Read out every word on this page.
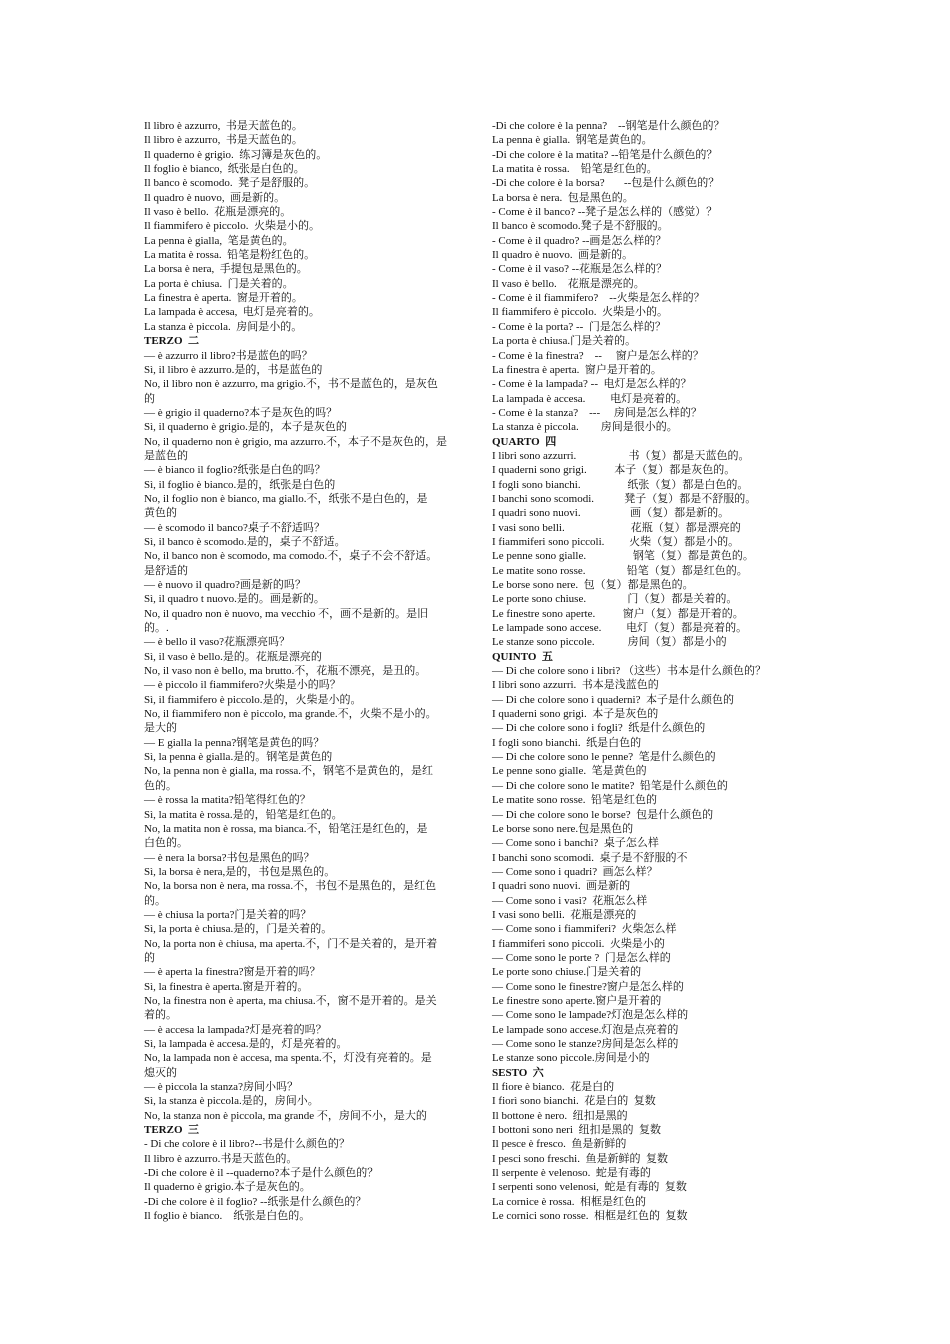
Il libro è azzurro,  书是天蓝色的。
Il libro è azzurro,  书是天蓝色的。
Il quaderno è grigio.  练习簿是灰色的。
Il foglio è bianco,  纸张是白色的。
Il banco è scomodo.  凳子是舒服的。
Il quadro è nuovo,  画是新的。
Il vaso è bello.  花瓶是漂亮的。
Il fiammifero è piccolo.  火柴是小的。
La penna è gialla,  笔是黄色的。
La matita è rossa.  铅笔是粉红色的。
La borsa è nera,  手提包是黑色的。
La porta è chiusa.  门是关着的。
La finestra è aperta.  窗是开着的。
La lampada è accesa,  电灯是亮着的。
La stanza è piccola.  房间是小的。
TERZO  二
— è azzurro il libro?书是蓝色的吗？
Sì, il libro è azzurro.是的，书是蓝色的
No, il libro non è azzurro, ma grigio.不，书不是蓝色的，是灰色
的
— è grigio il quaderno?本子是灰色的吗？
Sì, il quaderno è grigio.是的，本子是灰色的
No, il quaderno non è grigio, ma azzurro.不，本子不是灰色的，是
是蓝色的
— è bianco il foglio?纸张是白色的吗？
Sì, il foglio è bianco.是的，纸张是白色的
No, il foglio non è bianco, ma giallo.不，纸张不是白色的，是
黄色的
— è scomodo il banco?桌子不舒适吗？
Sì, il banco è scomodo.是的，桌子不舒适。
No, il banco non è scomodo, ma comodo.不，桌子不会不舒适。
是舒适的
— è nuovo il quadro?画是新的吗？
Sì, il quadro t nuovo.是的。画是新的。
No, il quadro non è nuovo, ma vecchio 不，画不是新的。是旧
的。.
— è bello il vaso?花瓶漂亮吗？
Sì, il vaso è bello.是的。花瓶是漂亮的
No, il vaso non è bello, ma brutto.不，花瓶不漂亮，是丑的。
— è piccolo il fiammifero?火柴是小的吗？
Sì, il fiammifero è piccolo.是的，火柴是小的。
No, il fiammifero non è piccolo, ma grande.不，火柴不是小的。
是大的
— E gialla la penna?钢笔是黄色的吗？
Sì, la penna è gialla.是的。钢笔是黄色的
No, la penna non è gialla, ma rossa.不，钢笔不是黄色的，是红
色的。
— è rossa la matita?铅笔得红色的？
Sì, la matita è rossa.是的，铅笔是红色的。
No, la matita non è rossa, ma bianca.不，铅笔汪是红色的，是
白色的。
— è nera la borsa?书包是黑色的吗？
Sì, la borsa è nera,是的，书包是黑色的。
No, la borsa non è nera, ma rossa.不，书包不是黑色的，是红色
的。
— è chiusa la porta?门是关着的吗？
Sì, la porta è chiusa.是的，门是关着的。
No, la porta non è chiusa, ma aperta.不，门不是关着的，是开着
的
— è aperta la finestra?窗是开着的吗？
Sì, la finestra è aperta.窗是开着的。
No, la finestra non è aperta, ma chiusa.不，窗不是开着的。是关
着的。
— è accesa la lampada?灯是亮着的吗？
Sì, la lampada è accesa.是的，灯是亮着的。
No, la lampada non è accesa, ma spenta.不，灯没有亮着的。是
熄灭的
— è piccola la stanza?房间小吗？
Sì, la stanza è piccola.是的，房间小。
No, la stanza non è piccola, ma grande 不，房间不小，是大的
TERZO  三
- Di che colore è il libro?--书是什么颜色的？
Il libro è azzurro.书是天蓝色的。
-Di che colore è il --quaderno?本子是什么颜色的？
Il quaderno è grigio.本子是灰色的。
-Di che colore è il foglio? --纸张是什么颜色的？
Il foglio è bianco.    纸张是白色的。
-Di che colore è la penna?    --钢笔是什么颜色的？
La penna è gialla.  钢笔是黄色的。
-Di che colore è la matita? --铅笔是什么颜色的？
La matita è rossa.    铅笔是红色的。
-Di che colore è la borsa?       --包是什么颜色的？
La borsa è nera.  包是黑色的。
- Come è il banco? --凳子是怎么样的（感觉）？
Il banco è scomodo.凳子是不舒服的。
- Come è il quadro? --画是怎么样的？
Il quadro è nuovo.  画是新的。
- Come è il vaso? --花瓶是怎么样的？
Il vaso è bello.    花瓶是漂亮的。
- Come è il fiammifero?    --火柴是怎么样的？
Il fiammifero è piccolo.  火柴是小的。
- Come è la porta? --  门是怎么样的？
La porta è chiusa.门是关着的。
- Come è la finestra?    --     窗户是怎么样的？
La finestra è aperta.  窗户是开着的。
- Come è la lampada? --  电灯是怎么样的？
La lampada è accesa.         电灯是亮着的。
- Come è la stanza?    ---     房间是怎么样的？
La stanza è piccola.        房间是很小的。
QUARTO  四
I libri sono azzurri.                   书（复）都是天蓝色的。
I quaderni sono grigi.          本子（复）都是灰色的。
I fogli sono bianchi.                 纸张（复）都是白色的。
I banchi sono scomodi.           凳子（复）都是不舒服的。
I quadri sono nuovi.                  画（复）都是新的。
I vasi sono belli.                        花瓶（复）都是漂亮的
I fiammiferi sono piccoli.         火柴（复）都是小的。
Le penne sono gialle.                 钢笔（复）都是黄色的。
Le matite sono rosse.               铅笔（复）都是红色的。
Le borse sono nere.  包（复）都是黑色的。
Le porte sono chiuse.               门（复）都是关着的。
Le finestre sono aperte.          窗户（复）都是开着的。
Le lampade sono accese.         电灯（复）都是亮着的。
Le stanze sono piccole.            房间（复）都是小的
QUINTO  五
— Di che colore sono i libri? （这些）书本是什么颜色的？
I libri sono azzurri.  书本是浅蓝色的
— Di che colore sono ì quaderni?  本子是什么颜色的
I quaderni sono grigi.  本子是灰色的
— Di che colore sono i fogli?  纸是什么颜色的
I fogli sono bianchi.  纸是白色的
— Di che colore sono le penne?  笔是什么颜色的
Le penne sono gialle.  笔是黄色的
— Di che colore sono le matite?  铅笔是什么颜色的
Le matite sono rosse.  铅笔是红色的
— Di che colore sono le borse?  包是什么颜色的
Le borse sono nere.包是黑色的
— Come sono i banchi?  桌子怎么样
I banchi sono scomodi.  桌子是不舒服的不
— Come sono i quadri?  画怎么样？
I quadri sono nuovi.  画是新的
— Come sono i vasi?  花瓶怎么样
I vasi sono belli.  花瓶是漂亮的
— Come sono i fiammiferi?  火柴怎么样
I fiammiferi sono piccoli.  火柴是小的
— Come sono le porte ?  门是怎么样的
Le porte sono chiuse.门是关着的
— Come sono le finestre?窗户是怎么样的
Le finestre sono aperte.窗户是开着的
— Come sono le lampade?灯泡是怎么样的
Le lampade sono accese.灯泡是点亮着的
— Come sono le stanze?房间是怎么样的
Le stanze sono piccole.房间是小的
SESTO  六
Il fiore è bianco.  花是白的
I fiorì sono bianchi.  花是白的  复数
Il bottone è nero.  纽扣是黑的
I bottoni sono neri  纽扣是黑的  复数
Il pesce è fresco.  鱼是新鲜的
I pesci sono freschi.  鱼是新鲜的  复数
Il serpente è velenoso.  蛇是有毒的
I serpenti sono velenosi,  蛇是有毒的  复数
La cornice è rossa.  相框是红色的
Le cornici sono rosse.  相框是红色的  复数
